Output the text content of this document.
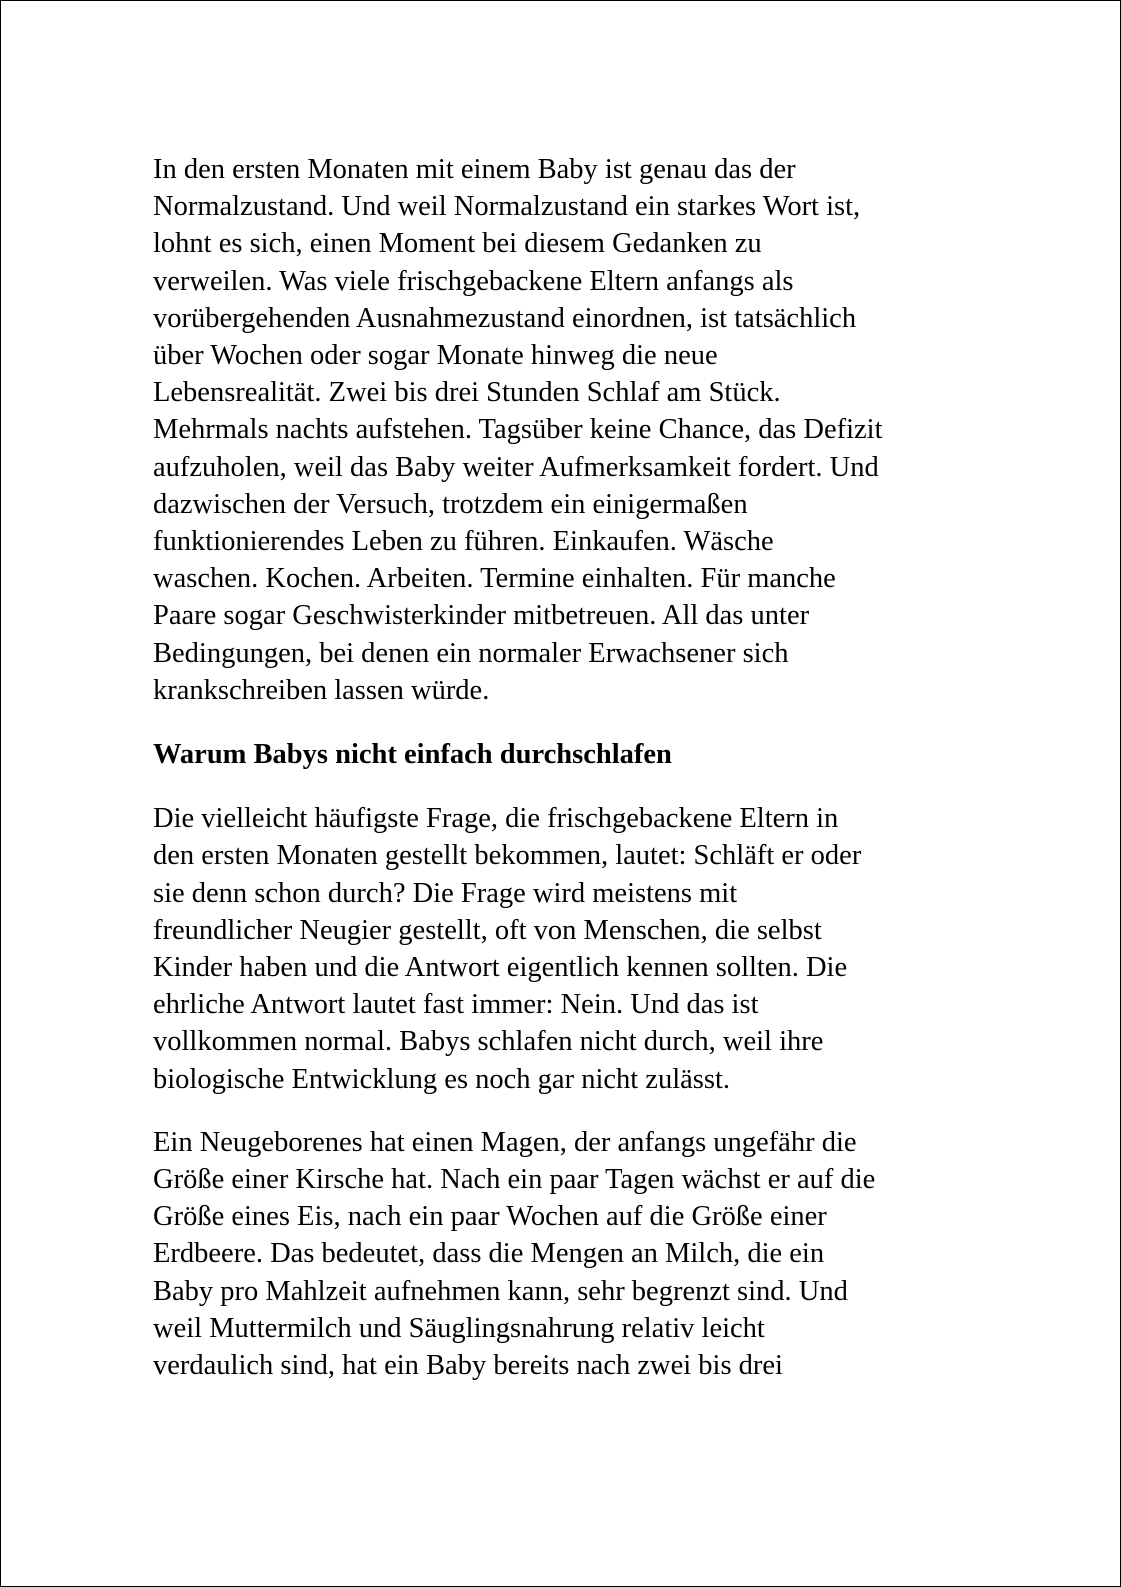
In den ersten Monaten mit einem Baby ist genau das der
Normalzustand. Und weil Normalzustand ein starkes Wort ist,
lohnt es sich, einen Moment bei diesem Gedanken zu
verweilen. Was viele frischgebackene Eltern anfangs als
vorübergehenden Ausnahmezustand einordnen, ist tatsächlich
über Wochen oder sogar Monate hinweg die neue
Lebensrealität. Zwei bis drei Stunden Schlaf am Stück.
Mehrmals nachts aufstehen. Tagsüber keine Chance, das Defizit
aufzuholen, weil das Baby weiter Aufmerksamkeit fordert. Und
dazwischen der Versuch, trotzdem ein einigermaßen
funktionierendes Leben zu führen. Einkaufen. Wäsche
waschen. Kochen. Arbeiten. Termine einhalten. Für manche
Paare sogar Geschwisterkinder mitbetreuen. All das unter
Bedingungen, bei denen ein normaler Erwachsener sich
krankschreiben lassen würde.

Warum Babys nicht einfach durchschlafen

Die vielleicht häufigste Frage, die frischgebackene Eltern in
den ersten Monaten gestellt bekommen, lautet: Schläft er oder
sie denn schon durch? Die Frage wird meistens mit
freundlicher Neugier gestellt, oft von Menschen, die selbst
Kinder haben und die Antwort eigentlich kennen sollten. Die
ehrliche Antwort lautet fast immer: Nein. Und das ist
vollkommen normal. Babys schlafen nicht durch, weil ihre
biologische Entwicklung es noch gar nicht zulässt.

Ein Neugeborenes hat einen Magen, der anfangs ungefähr die
Größe einer Kirsche hat. Nach ein paar Tagen wächst er auf die
Größe eines Eis, nach ein paar Wochen auf die Größe einer
Erdbeere. Das bedeutet, dass die Mengen an Milch, die ein
Baby pro Mahlzeit aufnehmen kann, sehr begrenzt sind. Und
weil Muttermilch und Säuglingsnahrung relativ leicht
verdaulich sind, hat ein Baby bereits nach zwei bis drei
